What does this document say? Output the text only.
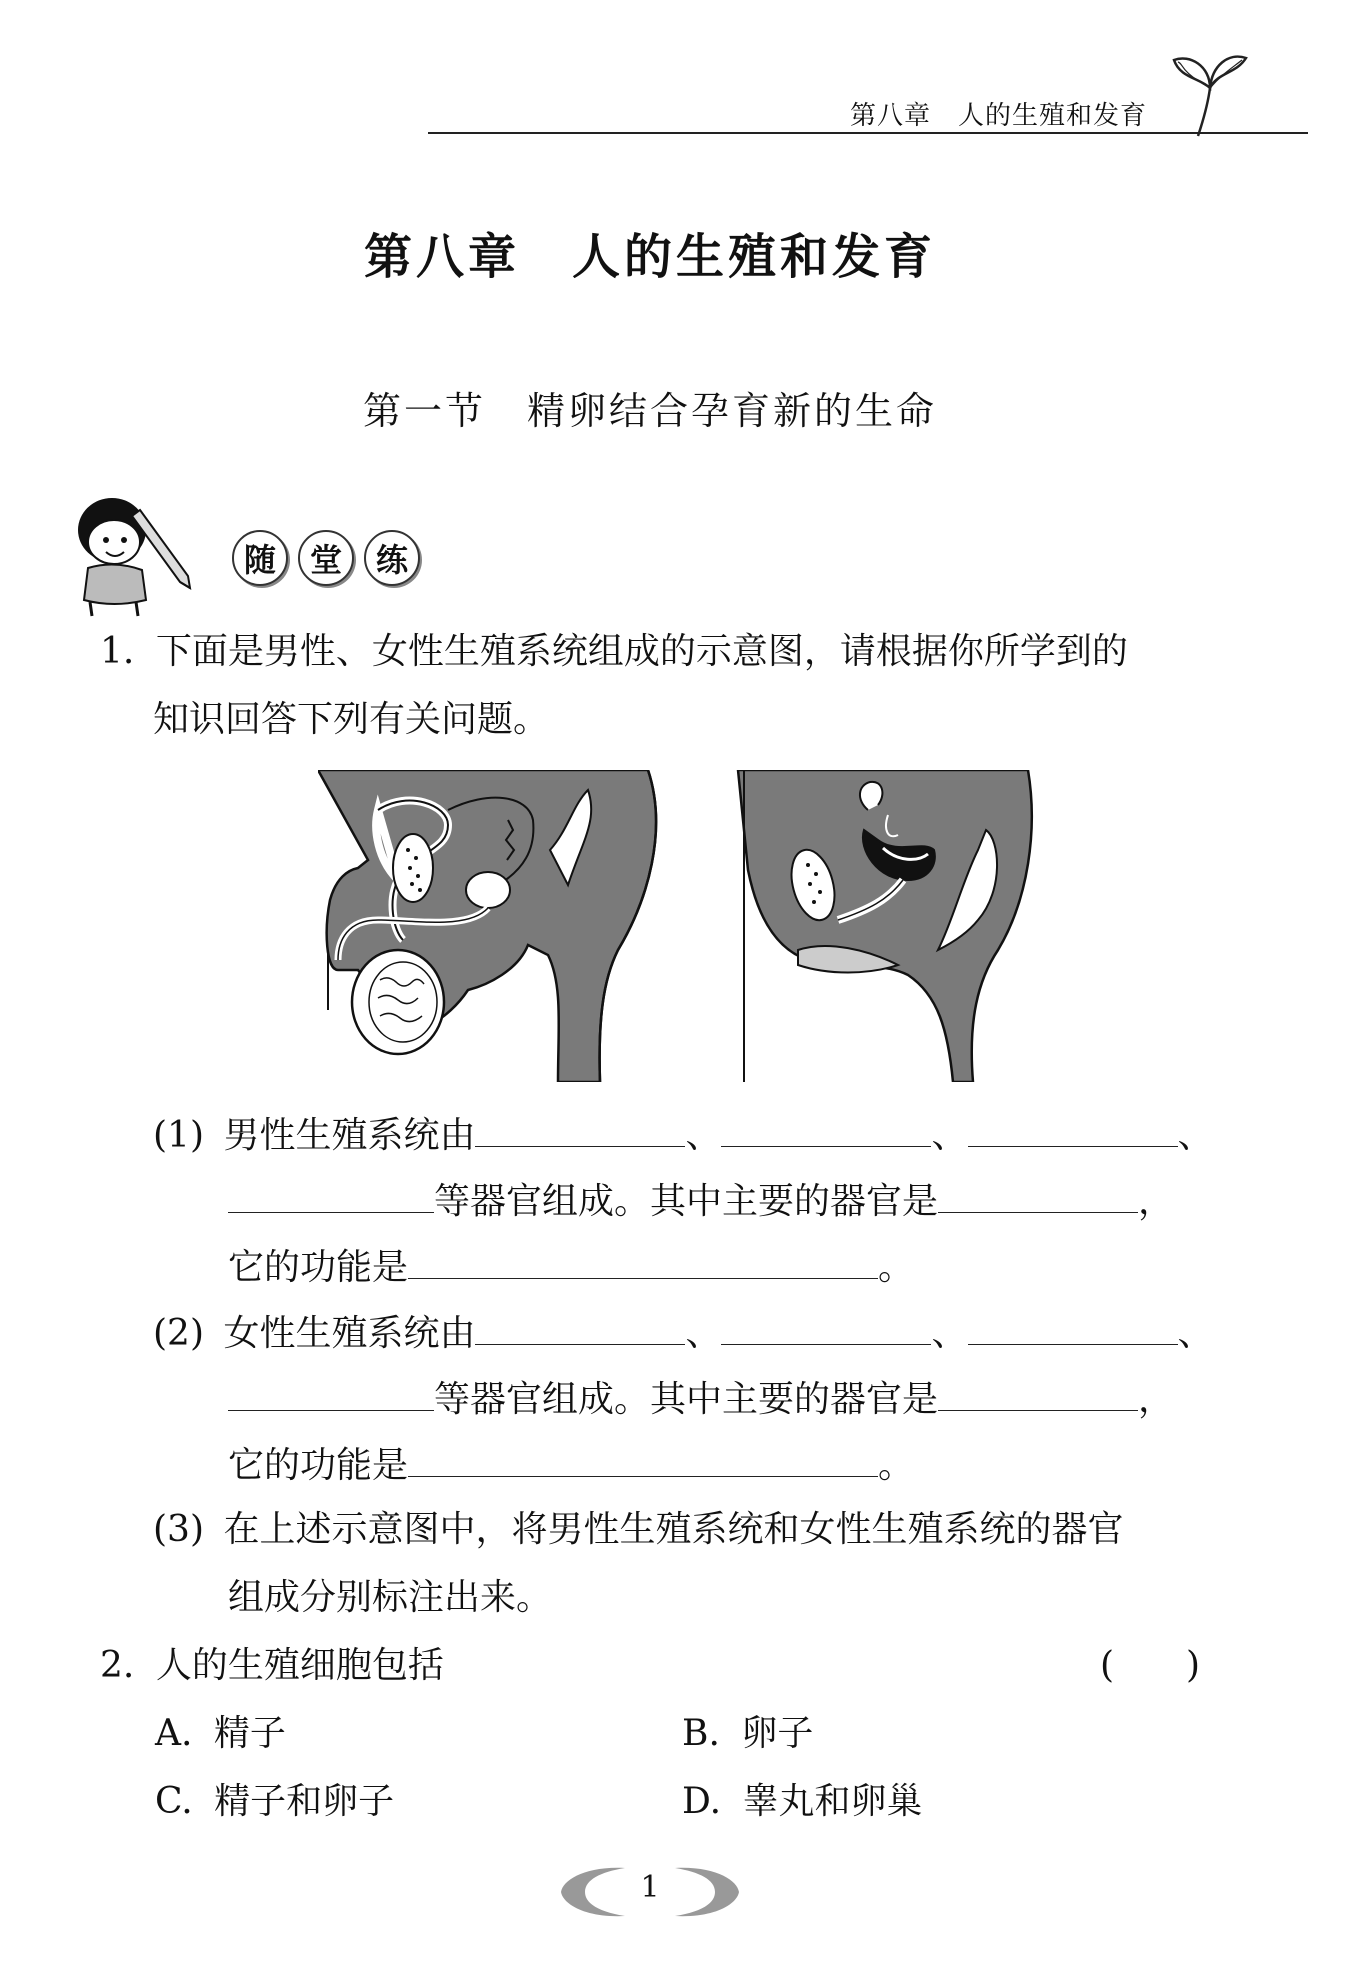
第八章　人的生殖和发育
第八章　人的生殖和发育
第一节　精卵结合孕育新的生命
随	堂	练
1. 下面是男性、女性生殖系统组成的示意图，请根据你所学到的
知识回答下列有关问题。
(1) 男性生殖系统由	、	、	、
等器官组成。其中主要的器官是	，
它的功能是	。
(2) 女性生殖系统由	、	、	、
等器官组成。其中主要的器官是	，
它的功能是	。
(3) 在上述示意图中，将男性生殖系统和女性生殖系统的器官
组成分别标注出来。
2. 人的生殖细胞包括	(　　)
A. 精子	B. 卵子
C. 精子和卵子	D. 睾丸和卵巢
1
